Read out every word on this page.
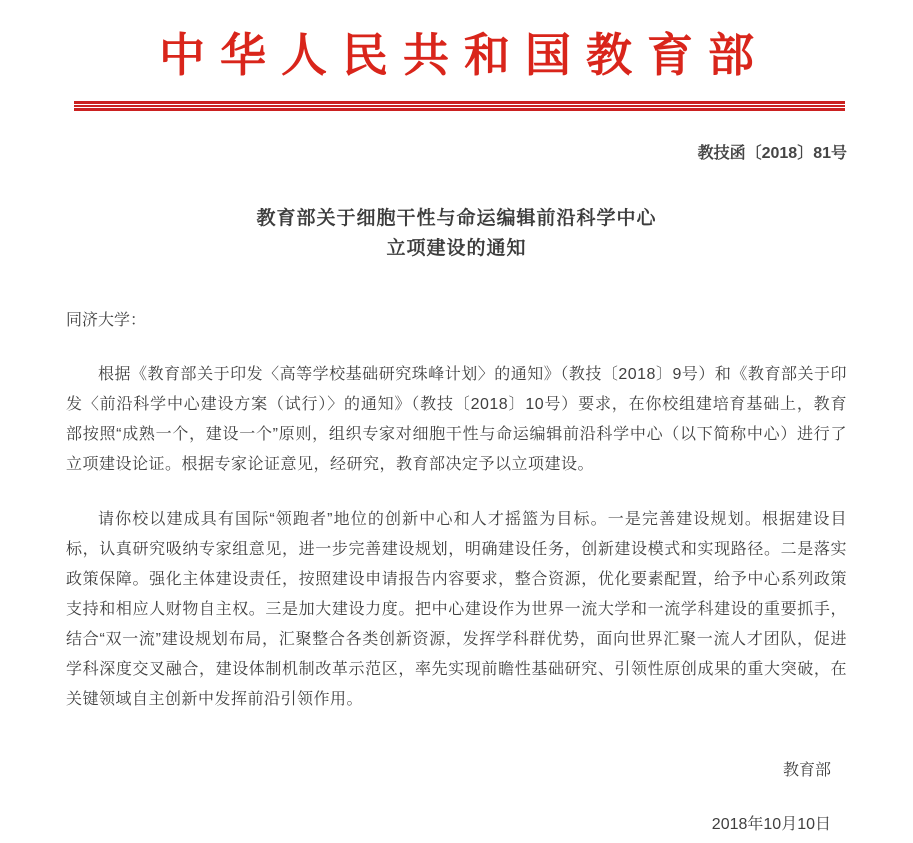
中华人民共和国教育部
教技函〔2018〕81号
教育部关于细胞干性与命运编辑前沿科学中心
立项建设的通知
同济大学：

根据《教育部关于印发〈高等学校基础研究珠峰计划〉的通知》（教技〔2018〕9号）和《教育部关于印发〈前沿科学中心建设方案（试行）〉的通知》（教技〔2018〕10号）要求，在你校组建培育基础上，教育部按照“成熟一个，建设一个”原则，组织专家对细胞干性与命运编辑前沿科学中心（以下简称中心）进行了立项建设论证。根据专家论证意见，经研究，教育部决定予以立项建设。

请你校以建成具有国际“领跑者”地位的创新中心和人才摇篮为目标。一是完善建设规划。根据建设目标，认真研究吸纳专家组意见，进一步完善建设规划，明确建设任务，创新建设模式和实现路径。二是落实政策保障。强化主体建设责任，按照建设申请报告内容要求，整合资源，优化要素配置，给予中心系列政策支持和相应人财物自主权。三是加大建设力度。把中心建设作为世界一流大学和一流学科建设的重要抓手，结合“双一流”建设规划布局，汇聚整合各类创新资源，发挥学科群优势，面向世界汇聚一流人才团队，促进学科深度交叉融合，建设体制机制改革示范区，率先实现前瞻性基础研究、引领性原创成果的重大突破，在关键领域自主创新中发挥前沿引领作用。

教育部
2018年10月10日
